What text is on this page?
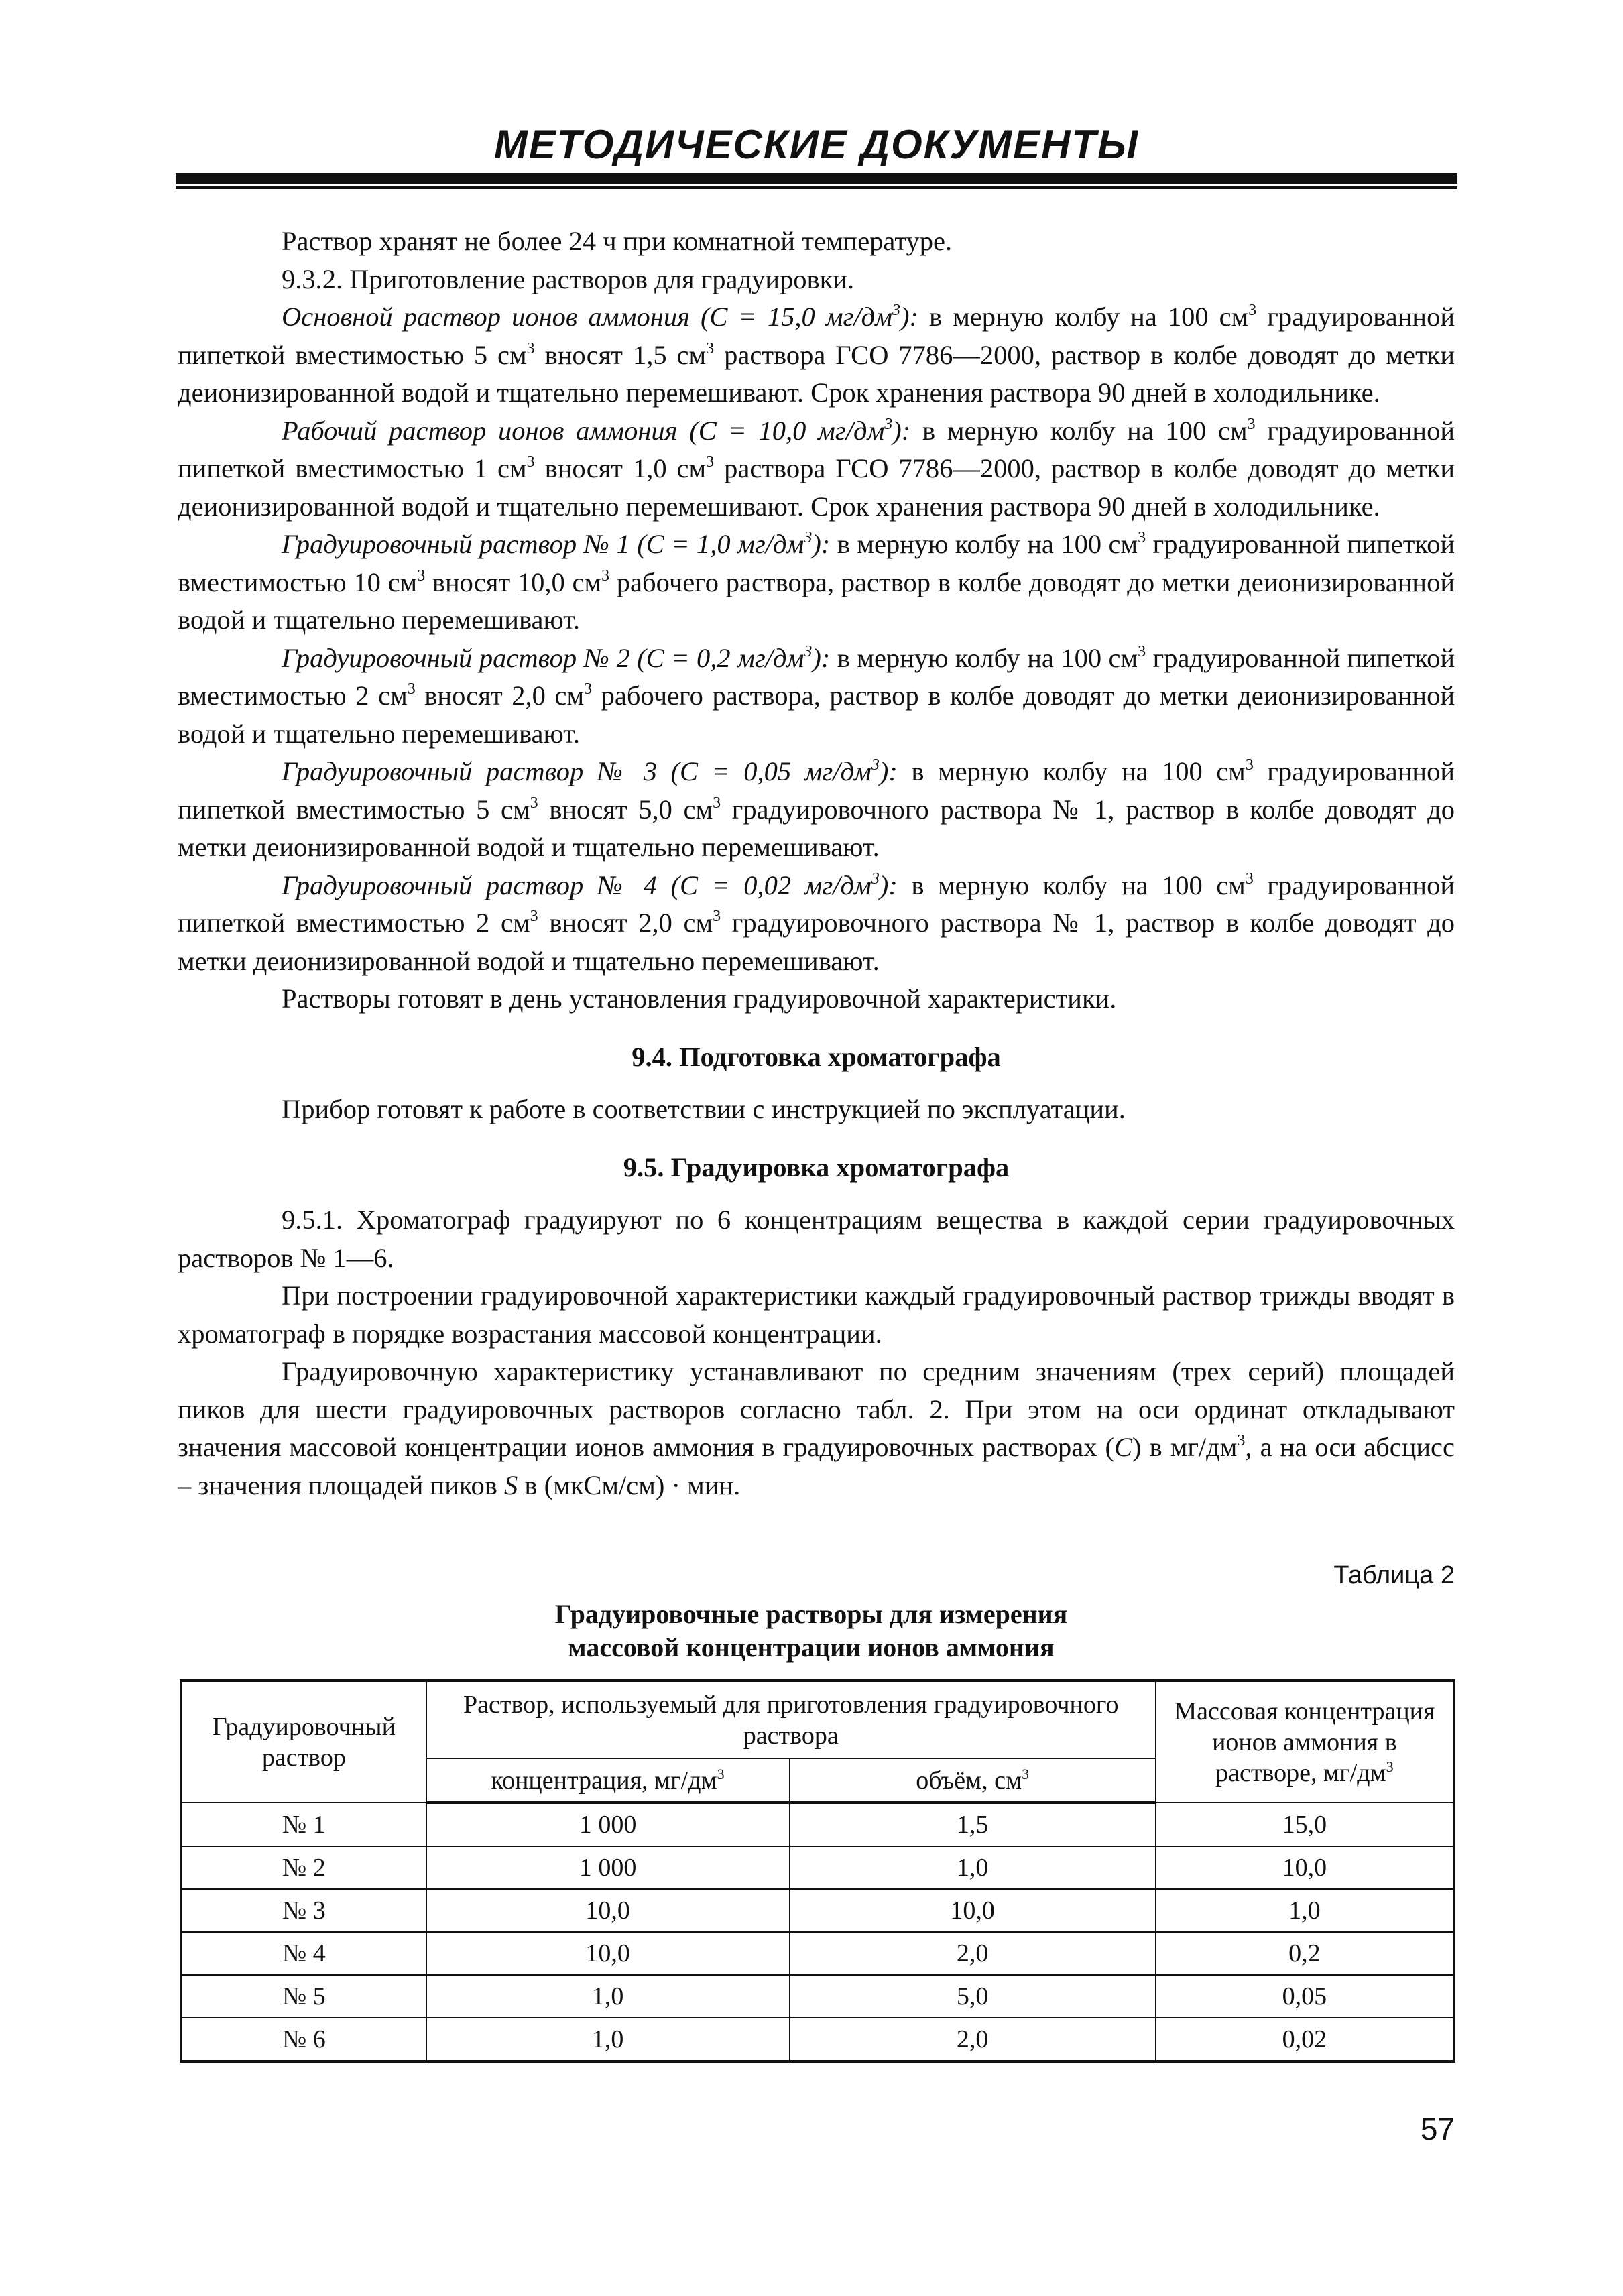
МЕТОДИЧЕСКИЕ ДОКУМЕНТЫ

Раствор хранят не более 24 ч при комнатной температуре.

9.3.2. Приготовление растворов для градуировки.

Основной раствор ионов аммония (С = 15,0 $мг/дм^3$): в мерную колбу на 100 $см^3$ градуированной пипеткой вместимостью 5 $см^3$ вносят 1,5 $см^3$ раствора ГСО 7786—2000, раствор в колбе доводят до метки деионизированной водой и тщательно перемешивают. Срок хранения раствора 90 дней в холодильнике.

Рабочий раствор ионов аммония (С = 10,0 $мг/дм^3$): в мерную колбу на 100 $см^3$ градуированной пипеткой вместимостью 1 $см^3$ вносят 1,0 $см^3$ раствора ГСО 7786—2000, раствор в колбе доводят до метки деионизированной водой и тщательно перемешивают. Срок хранения раствора 90 дней в холодильнике.

Градуировочный раствор № 1 (С = 1,0 $мг/дм^3$): в мерную колбу на 100 $см^3$ градуированной пипеткой вместимостью 10 $см^3$ вносят 10,0 $см^3$ рабочего раствора, раствор в колбе доводят до метки деионизированной водой и тщательно перемешивают.

Градуировочный раствор № 2 (С = 0,2 $мг/дм^3$): в мерную колбу на 100 $см^3$ градуированной пипеткой вместимостью 2 $см^3$ вносят 2,0 $см^3$ рабочего раствора, раствор в колбе доводят до метки деионизированной водой и тщательно перемешивают.

Градуировочный раствор № 3 (С = 0,05 $мг/дм^3$): в мерную колбу на 100 $см^3$ градуированной пипеткой вместимостью 5 $см^3$ вносят 5,0 $см^3$ градуировочного раствора № 1, раствор в колбе доводят до метки деионизированной водой и тщательно перемешивают.

Градуировочный раствор № 4 (С = 0,02 $мг/дм^3$): в мерную колбу на 100 $см^3$ градуированной пипеткой вместимостью 2 $см^3$ вносят 2,0 $см^3$ градуировочного раствора № 1, раствор в колбе доводят до метки деионизированной водой и тщательно перемешивают.

Растворы готовят в день установления градуировочной характеристики.

9.4. Подготовка хроматографа

Прибор готовят к работе в соответствии с инструкцией по эксплуатации.

9.5. Градуировка хроматографа

9.5.1. Хроматограф градуируют по 6 концентрациям вещества в каждой серии градуировочных растворов № 1—6.

При построении градуировочной характеристики каждый градуировочный раствор трижды вводят в хроматограф в порядке возрастания массовой концентрации.

Градуировочную характеристику устанавливают по средним значениям (трех серий) площадей пиков для шести градуировочных растворов согласно табл. 2. При этом на оси ординат откладывают значения массовой концентрации ионов аммония в градуировочных растворах (C) в $мг/дм^3$, а на оси абсцисс – значения площадей пиков S в (мкСм/см) · мин.

Таблица 2
Градуировочные растворы для измерения
массовой концентрации ионов аммония
Градуировочный раствор	Раствор, используемый для приготовления градуировочного раствора		Массовая концентрация ионов аммония в растворе, $мг/дм^3$
	концентрация, $мг/дм^3$	объём, $см^3$
№ 1	1 000	1,5	15,0
№ 2	1 000	1,0	10,0
№ 3	10,0	10,0	1,0
№ 4	10,0	2,0	0,2
№ 5	1,0	5,0	0,05
№ 6	1,0	2,0	0,02
57
